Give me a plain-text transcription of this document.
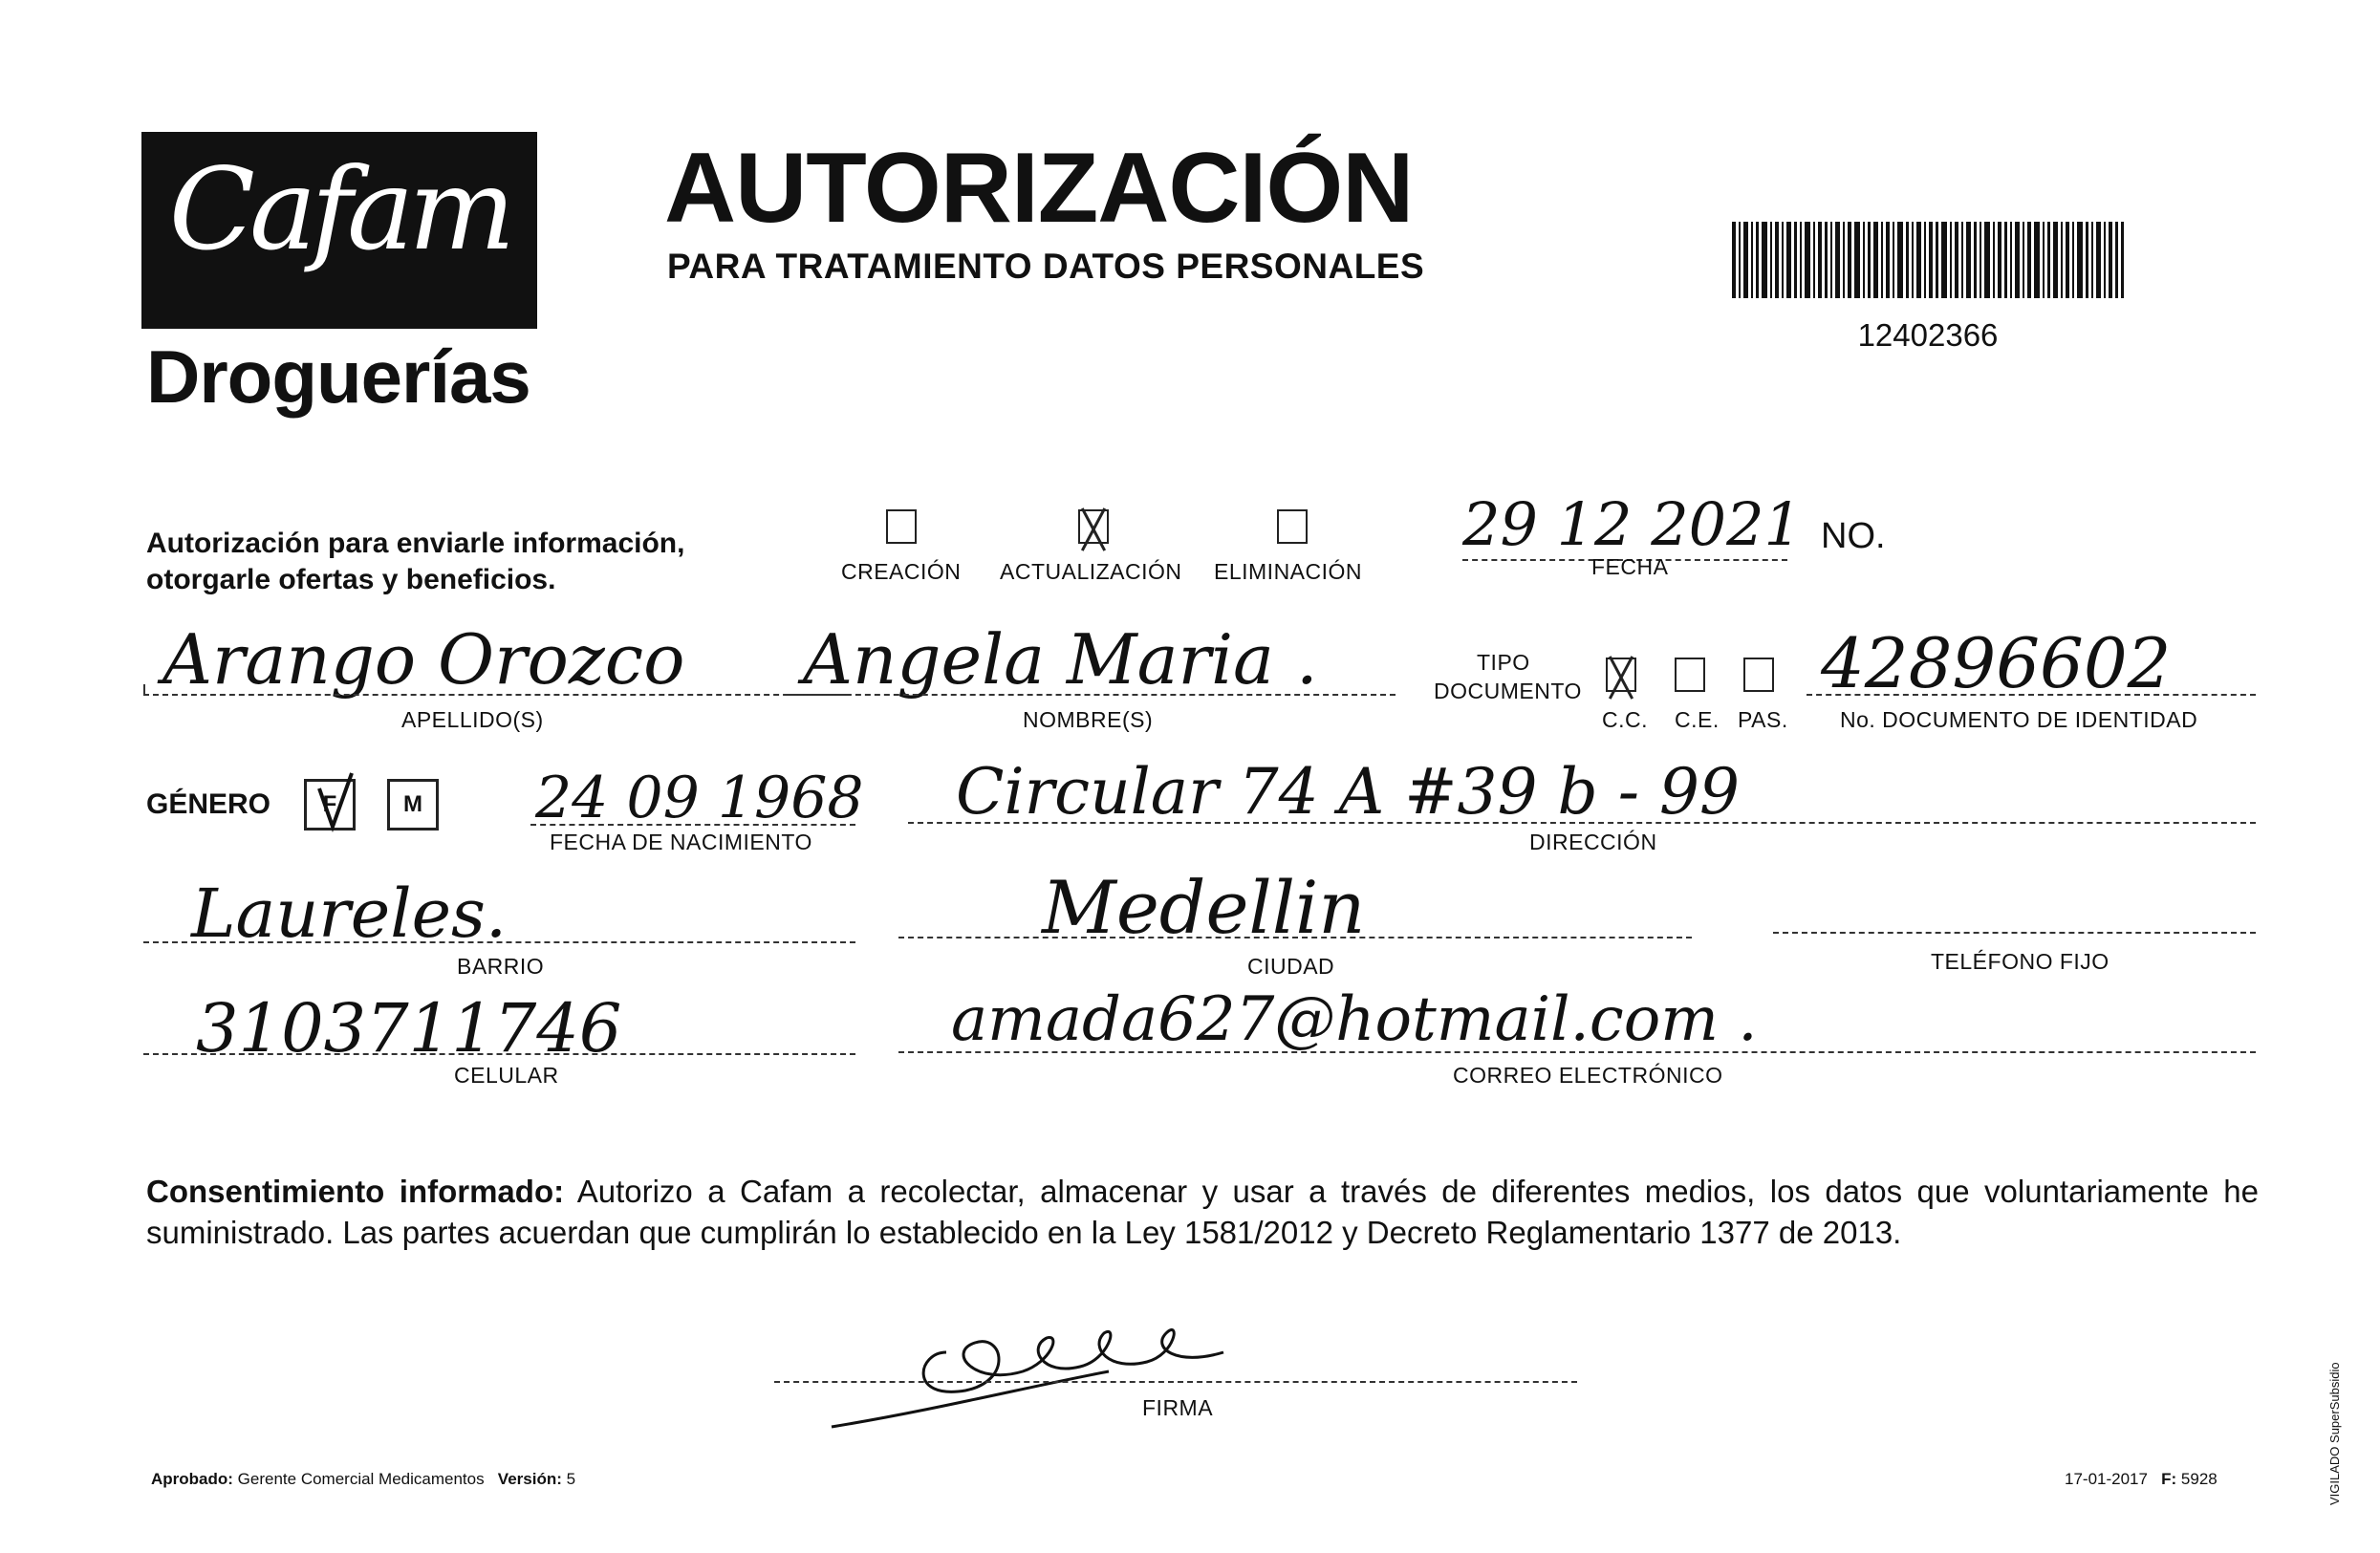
Cafam
Droguerías
AUTORIZACIÓN
PARA TRATAMIENTO DATOS PERSONALES
12402366
Autorización para enviarle información,
otorgarle ofertas y beneficios.	CREACIÓN ACTUALIZACIÓN ELIMINACIÓN
29 12 2021
FECHA
NO.
Arango Orozco
APELLIDO(S)
Angela Maria .
NOMBRE(S)
TIPO
DOCUMENTO
C.C. C.E. PAS.
42896602
No. DOCUMENTO DE IDENTIDAD
GÉNERO F	M 24 09 1968
FECHA DE NACIMIENTO
Circular 74 A #39 b - 99
DIRECCIÓN
Laureles.
BARRIO
Medellin
CIUDAD	TELÉFONO FIJO
3103711746
CELULAR
amada627@hotmail.com .
CORREO ELECTRÓNICO
Consentimiento informado: Autorizo a Cafam a recolectar, almacenar y usar a través de diferentes medios, los datos que voluntariamente he suministrado. Las partes acuerdan que cumplirán lo establecido en la Ley 1581/2012 y Decreto Reglamentario 1377 de 2013.
FIRMA
Aprobado: Gerente Comercial Medicamentos Versión: 5	17-01-2017 F: 5928	VIGILADO SuperSubsidio
